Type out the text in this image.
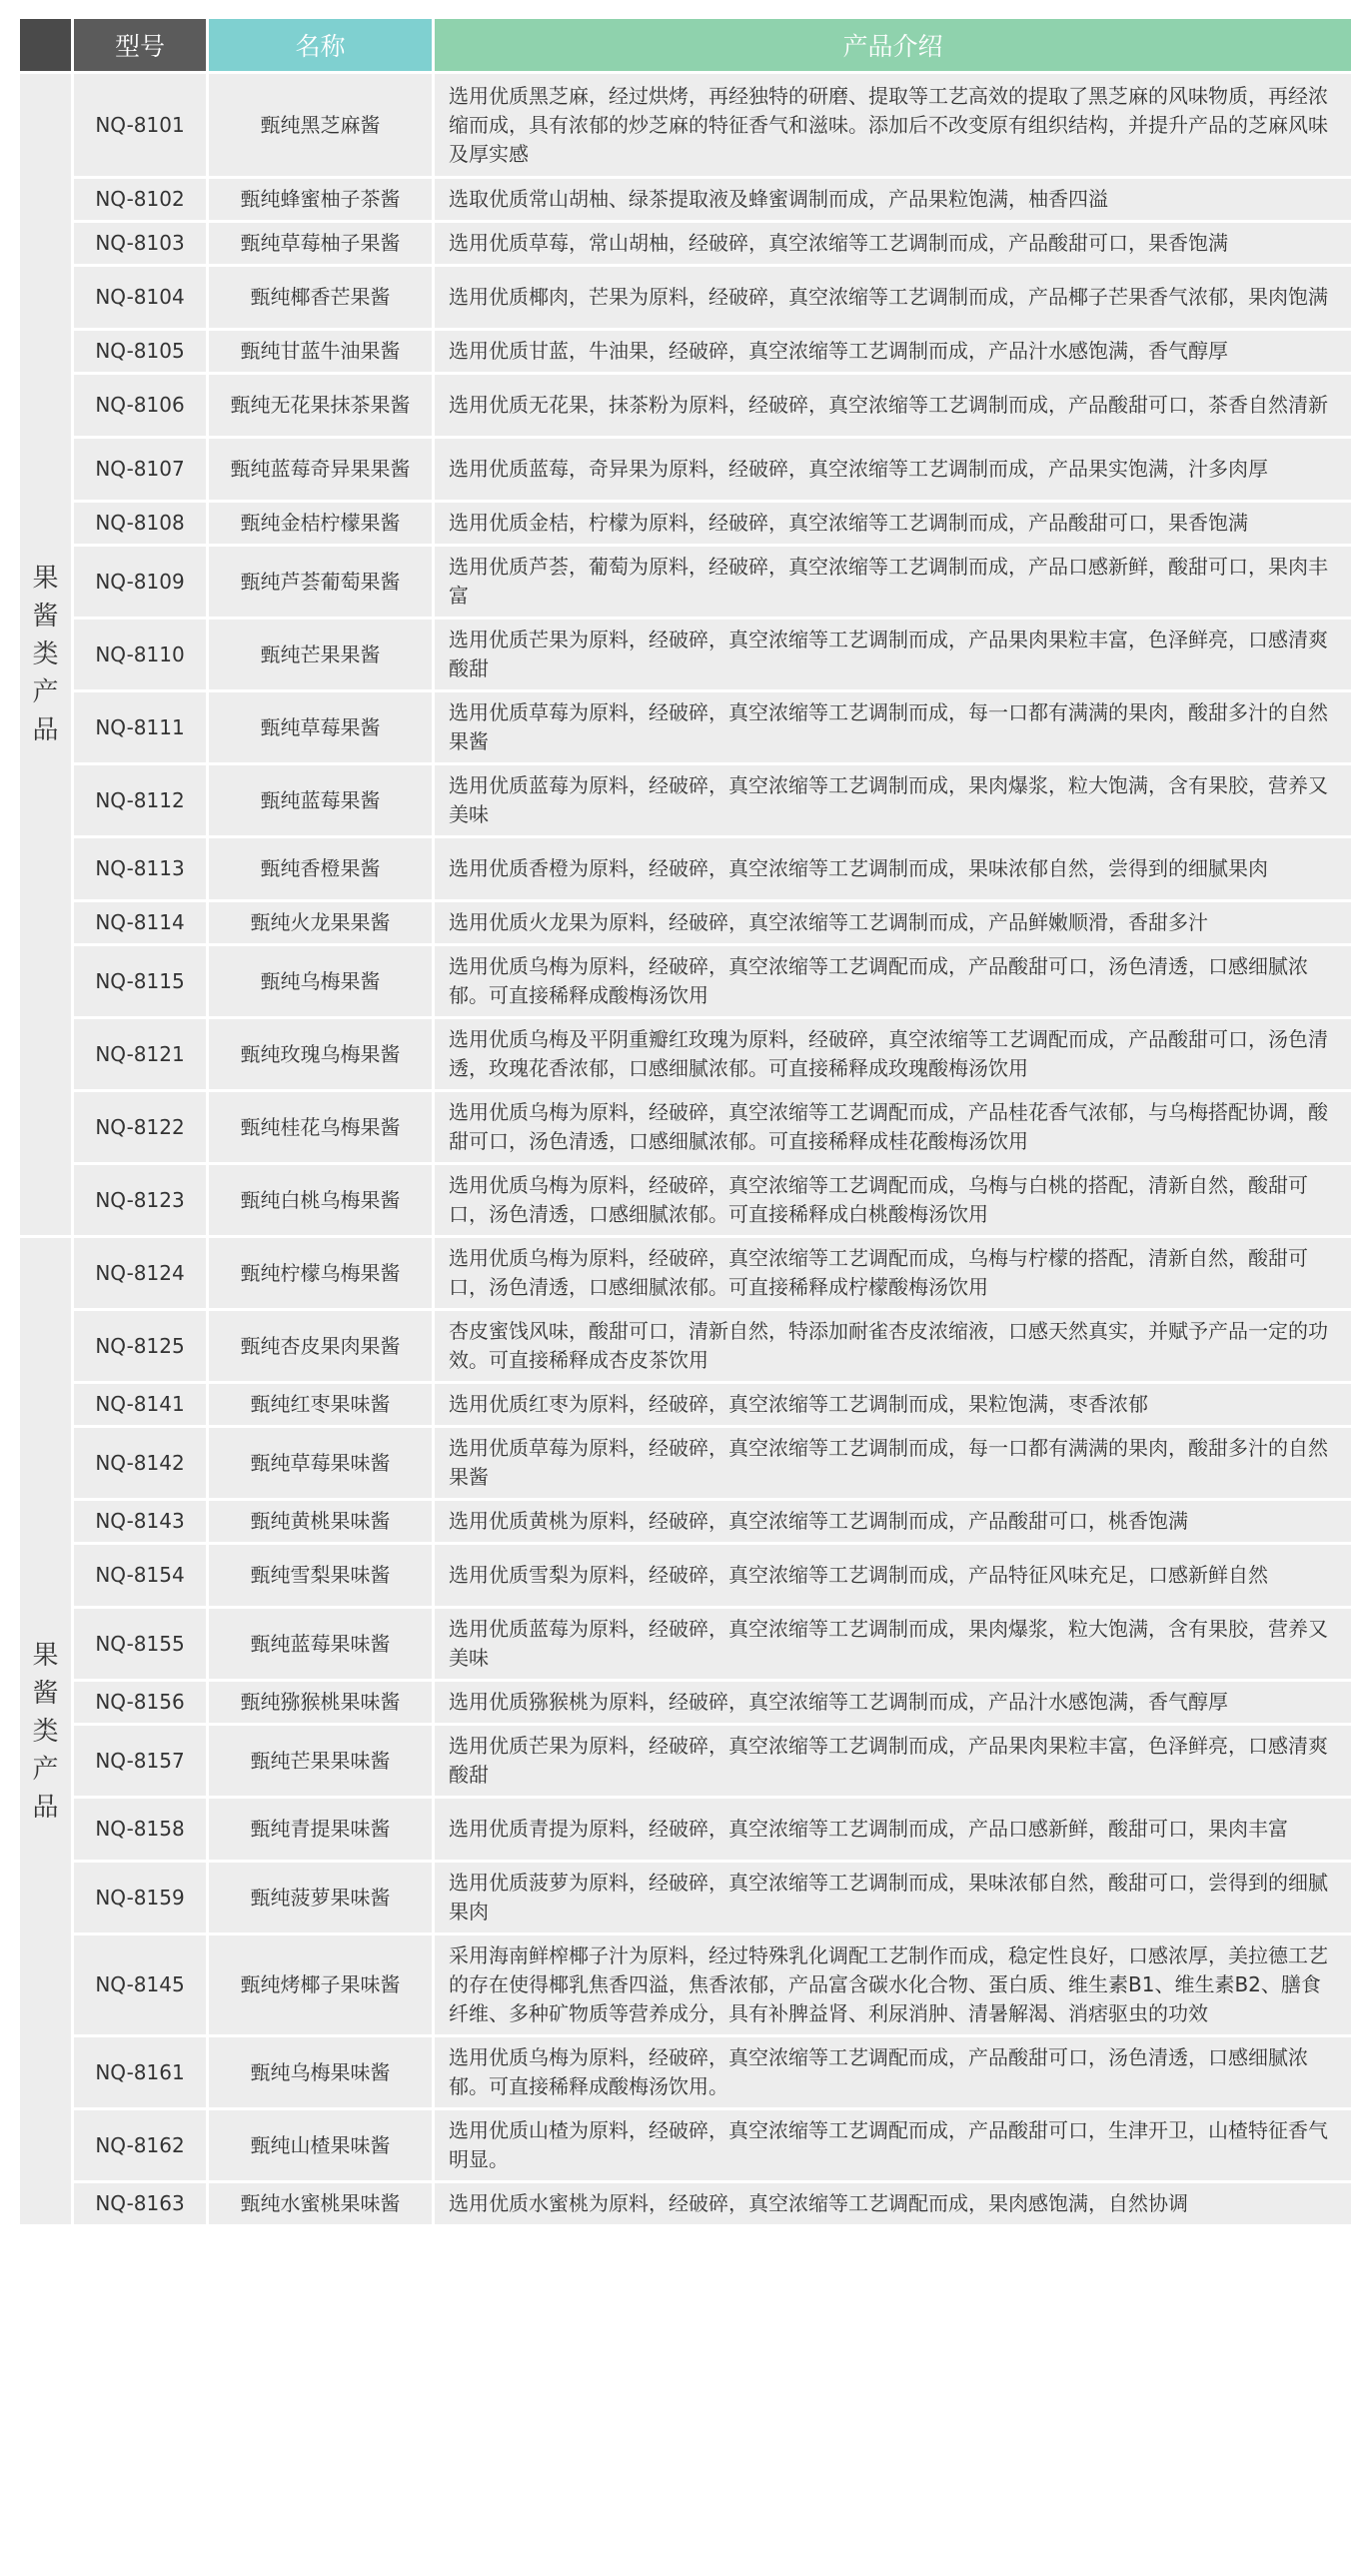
	型号	名称	产品介绍
果酱类产品	NQ-8101	甄纯黑芝麻酱	选用优质黑芝麻，经过烘烤，再经独特的研磨、提取等工艺高效的提取了黑芝麻的风味物质，再经浓缩而成，具有浓郁的炒芝麻的特征香气和滋味。添加后不改变原有组织结构，并提升产品的芝麻风味及厚实感
	NQ-8102	甄纯蜂蜜柚子茶酱	选取优质常山胡柚、绿茶提取液及蜂蜜调制而成，产品果粒饱满，柚香四溢
	NQ-8103	甄纯草莓柚子果酱	选用优质草莓，常山胡柚，经破碎，真空浓缩等工艺调制而成，产品酸甜可口，果香饱满
	NQ-8104	甄纯椰香芒果酱	选用优质椰肉，芒果为原料，经破碎，真空浓缩等工艺调制而成，产品椰子芒果香气浓郁，果肉饱满
	NQ-8105	甄纯甘蓝牛油果酱	选用优质甘蓝，牛油果，经破碎，真空浓缩等工艺调制而成，产品汁水感饱满，香气醇厚
	NQ-8106	甄纯无花果抹茶果酱	选用优质无花果，抹茶粉为原料，经破碎，真空浓缩等工艺调制而成，产品酸甜可口，茶香自然清新
	NQ-8107	甄纯蓝莓奇异果果酱	选用优质蓝莓，奇异果为原料，经破碎，真空浓缩等工艺调制而成，产品果实饱满，汁多肉厚
	NQ-8108	甄纯金桔柠檬果酱	选用优质金桔，柠檬为原料，经破碎，真空浓缩等工艺调制而成，产品酸甜可口，果香饱满
	NQ-8109	甄纯芦荟葡萄果酱	选用优质芦荟，葡萄为原料，经破碎，真空浓缩等工艺调制而成，产品口感新鲜，酸甜可口，果肉丰富
	NQ-8110	甄纯芒果果酱	选用优质芒果为原料，经破碎，真空浓缩等工艺调制而成，产品果肉果粒丰富，色泽鲜亮，口感清爽酸甜
	NQ-8111	甄纯草莓果酱	选用优质草莓为原料，经破碎，真空浓缩等工艺调制而成，每一口都有满满的果肉，酸甜多汁的自然果酱
	NQ-8112	甄纯蓝莓果酱	选用优质蓝莓为原料，经破碎，真空浓缩等工艺调制而成，果肉爆浆，粒大饱满，含有果胶，营养又美味
	NQ-8113	甄纯香橙果酱	选用优质香橙为原料，经破碎，真空浓缩等工艺调制而成，果味浓郁自然，尝得到的细腻果肉
	NQ-8114	甄纯火龙果果酱	选用优质火龙果为原料，经破碎，真空浓缩等工艺调制而成，产品鲜嫩顺滑，香甜多汁
	NQ-8115	甄纯乌梅果酱	选用优质乌梅为原料，经破碎，真空浓缩等工艺调配而成，产品酸甜可口，汤色清透，口感细腻浓郁。可直接稀释成酸梅汤饮用
	NQ-8121	甄纯玫瑰乌梅果酱	选用优质乌梅及平阴重瓣红玫瑰为原料，经破碎，真空浓缩等工艺调配而成，产品酸甜可口，汤色清透，玫瑰花香浓郁，口感细腻浓郁。可直接稀释成玫瑰酸梅汤饮用
	NQ-8122	甄纯桂花乌梅果酱	选用优质乌梅为原料，经破碎，真空浓缩等工艺调配而成，产品桂花香气浓郁，与乌梅搭配协调，酸甜可口，汤色清透，口感细腻浓郁。可直接稀释成桂花酸梅汤饮用
	NQ-8123	甄纯白桃乌梅果酱	选用优质乌梅为原料，经破碎，真空浓缩等工艺调配而成，乌梅与白桃的搭配，清新自然，酸甜可口，汤色清透，口感细腻浓郁。可直接稀释成白桃酸梅汤饮用
果酱类产品	NQ-8124	甄纯柠檬乌梅果酱	选用优质乌梅为原料，经破碎，真空浓缩等工艺调配而成，乌梅与柠檬的搭配，清新自然，酸甜可口，汤色清透，口感细腻浓郁。可直接稀释成柠檬酸梅汤饮用
	NQ-8125	甄纯杏皮果肉果酱	杏皮蜜饯风味，酸甜可口，清新自然，特添加耐雀杏皮浓缩液，口感天然真实，并赋予产品一定的功效。可直接稀释成杏皮茶饮用
	NQ-8141	甄纯红枣果味酱	选用优质红枣为原料，经破碎，真空浓缩等工艺调制而成，果粒饱满，枣香浓郁
	NQ-8142	甄纯草莓果味酱	选用优质草莓为原料，经破碎，真空浓缩等工艺调制而成，每一口都有满满的果肉，酸甜多汁的自然果酱
	NQ-8143	甄纯黄桃果味酱	选用优质黄桃为原料，经破碎，真空浓缩等工艺调制而成，产品酸甜可口，桃香饱满
	NQ-8154	甄纯雪梨果味酱	选用优质雪梨为原料，经破碎，真空浓缩等工艺调制而成，产品特征风味充足，口感新鲜自然
	NQ-8155	甄纯蓝莓果味酱	选用优质蓝莓为原料，经破碎，真空浓缩等工艺调制而成，果肉爆浆，粒大饱满，含有果胶，营养又美味
	NQ-8156	甄纯猕猴桃果味酱	选用优质猕猴桃为原料，经破碎，真空浓缩等工艺调制而成，产品汁水感饱满，香气醇厚
	NQ-8157	甄纯芒果果味酱	选用优质芒果为原料，经破碎，真空浓缩等工艺调制而成，产品果肉果粒丰富，色泽鲜亮，口感清爽酸甜
	NQ-8158	甄纯青提果味酱	选用优质青提为原料，经破碎，真空浓缩等工艺调制而成，产品口感新鲜，酸甜可口，果肉丰富
	NQ-8159	甄纯菠萝果味酱	选用优质菠萝为原料，经破碎，真空浓缩等工艺调制而成，果味浓郁自然，酸甜可口，尝得到的细腻果肉
	NQ-8145	甄纯烤椰子果味酱	采用海南鲜榨椰子汁为原料，经过特殊乳化调配工艺制作而成，稳定性良好，口感浓厚，美拉德工艺的存在使得椰乳焦香四溢，焦香浓郁，产品富含碳水化合物、蛋白质、维生素B1、维生素B2、膳食纤维、多种矿物质等营养成分，具有补脾益肾、利尿消肿、清暑解渴、消痞驱虫的功效
	NQ-8161	甄纯乌梅果味酱	选用优质乌梅为原料，经破碎，真空浓缩等工艺调配而成，产品酸甜可口，汤色清透，口感细腻浓郁。可直接稀释成酸梅汤饮用。
	NQ-8162	甄纯山楂果味酱	选用优质山楂为原料，经破碎，真空浓缩等工艺调配而成，产品酸甜可口，生津开卫，山楂特征香气明显。
	NQ-8163	甄纯水蜜桃果味酱	选用优质水蜜桃为原料，经破碎，真空浓缩等工艺调配而成，果肉感饱满，自然协调
